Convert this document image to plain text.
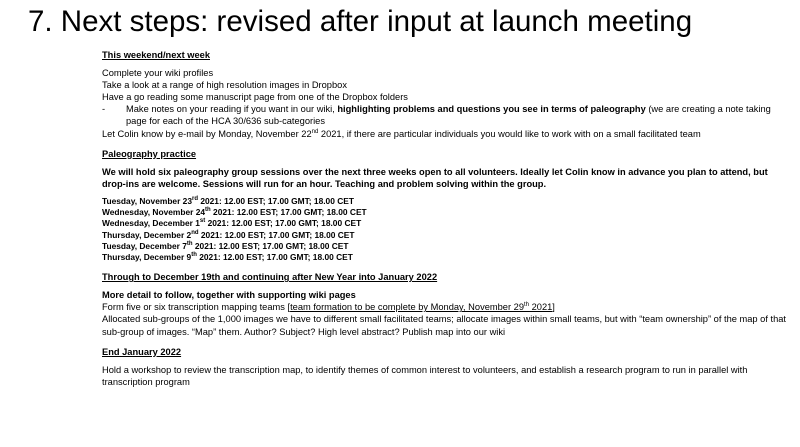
7. Next steps: revised after input at launch meeting
This weekend/next week
Complete your wiki profiles
Take a look at a range of high resolution images in Dropbox
Have a go reading some manuscript page from one of the Dropbox folders
- Make notes on your reading if you want in our wiki, highlighting problems and questions you see in terms of paleography (we are creating a note taking page for each of the HCA 30/636 sub-categories
Let Colin know by e-mail by Monday, November 22nd 2021, if there are particular individuals you would like to work with on a small facilitated team
Paleography practice
We will hold six paleography group sessions over the next three weeks open to all volunteers. Ideally let Colin know in advance you plan to attend, but drop-ins are welcome. Sessions will run for an hour. Teaching and problem solving within the group.
Tuesday, November 23rd 2021: 12.00 EST; 17.00 GMT; 18.00 CET
Wednesday, November 24th 2021: 12.00 EST; 17.00 GMT; 18.00 CET
Wednesday, December 1st 2021: 12.00 EST; 17.00 GMT; 18.00 CET
Thursday, December 2nd 2021: 12.00 EST; 17.00 GMT; 18.00 CET
Tuesday, December 7th 2021: 12.00 EST; 17.00 GMT; 18.00 CET
Thursday, December 9th 2021: 12.00 EST; 17.00 GMT; 18.00 CET
Through to December 19th and continuing after New Year into January 2022
More detail to follow, together with supporting wiki pages
Form five or six transcription mapping teams [team formation to be complete by Monday, November 29th 2021]
Allocated sub-groups of the 1,000 images we have to different small facilitated teams; allocate images within small teams, but with “team ownership” of the map of that sub-group of images. “Map” them. Author? Subject? High level abstract? Publish map into our wiki
End January 2022
Hold a workshop to review the transcription map, to identify themes of common interest to volunteers, and establish a research program to run in parallel with transcription program
